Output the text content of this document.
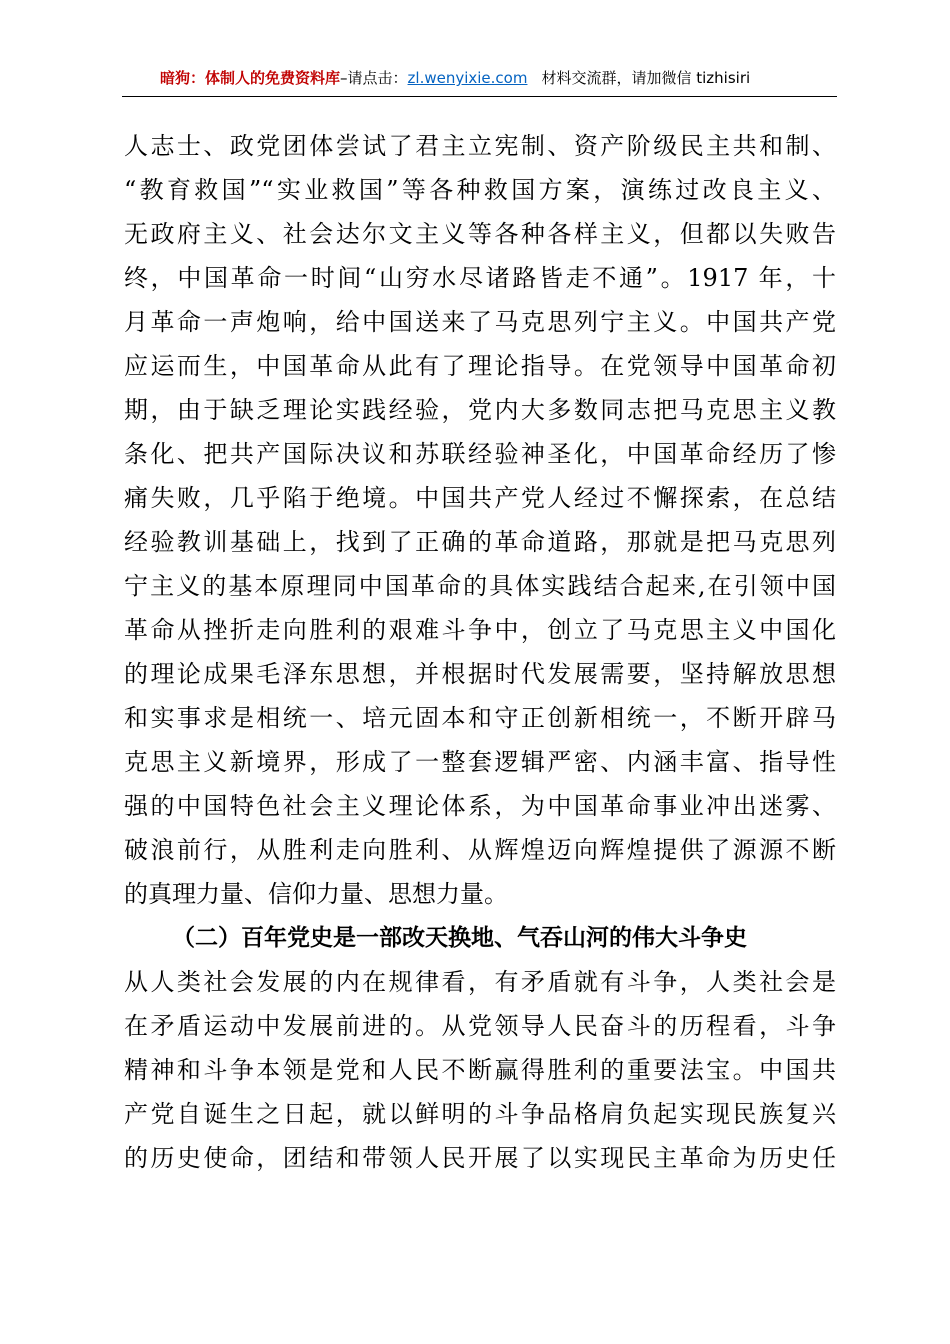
暗狗：体制人的免费资料库–请点击：zl.wenyixie.com 材料交流群，请加微信 tizhisiri
人志士、政党团体尝试了君主立宪制、资产阶级民主共和制、
“教育救国”“实业救国”等各种救国方案，演练过改良主义、
无政府主义、社会达尔文主义等各种各样主义，但都以失败告
终，中国革命一时间“山穷水尽诸路皆走不通”。1917 年，十
月革命一声炮响，给中国送来了马克思列宁主义。中国共产党
应运而生，中国革命从此有了理论指导。在党领导中国革命初
期，由于缺乏理论实践经验，党内大多数同志把马克思主义教
条化、把共产国际决议和苏联经验神圣化，中国革命经历了惨
痛失败，几乎陷于绝境。中国共产党人经过不懈探索，在总结
经验教训基础上，找到了正确的革命道路，那就是把马克思列
宁主义的基本原理同中国革命的具体实践结合起来,在引领中国
革命从挫折走向胜利的艰难斗争中，创立了马克思主义中国化
的理论成果毛泽东思想，并根据时代发展需要，坚持解放思想
和实事求是相统一、培元固本和守正创新相统一，不断开辟马
克思主义新境界，形成了一整套逻辑严密、内涵丰富、指导性
强的中国特色社会主义理论体系，为中国革命事业冲出迷雾、
破浪前行，从胜利走向胜利、从辉煌迈向辉煌提供了源源不断
的真理力量、信仰力量、思想力量。
（二）百年党史是一部改天换地、气吞山河的伟大斗争史
从人类社会发展的内在规律看，有矛盾就有斗争，人类社会是
在矛盾运动中发展前进的。从党领导人民奋斗的历程看，斗争
精神和斗争本领是党和人民不断赢得胜利的重要法宝。中国共
产党自诞生之日起，就以鲜明的斗争品格肩负起实现民族复兴
的历史使命，团结和带领人民开展了以实现民主革命为历史任
